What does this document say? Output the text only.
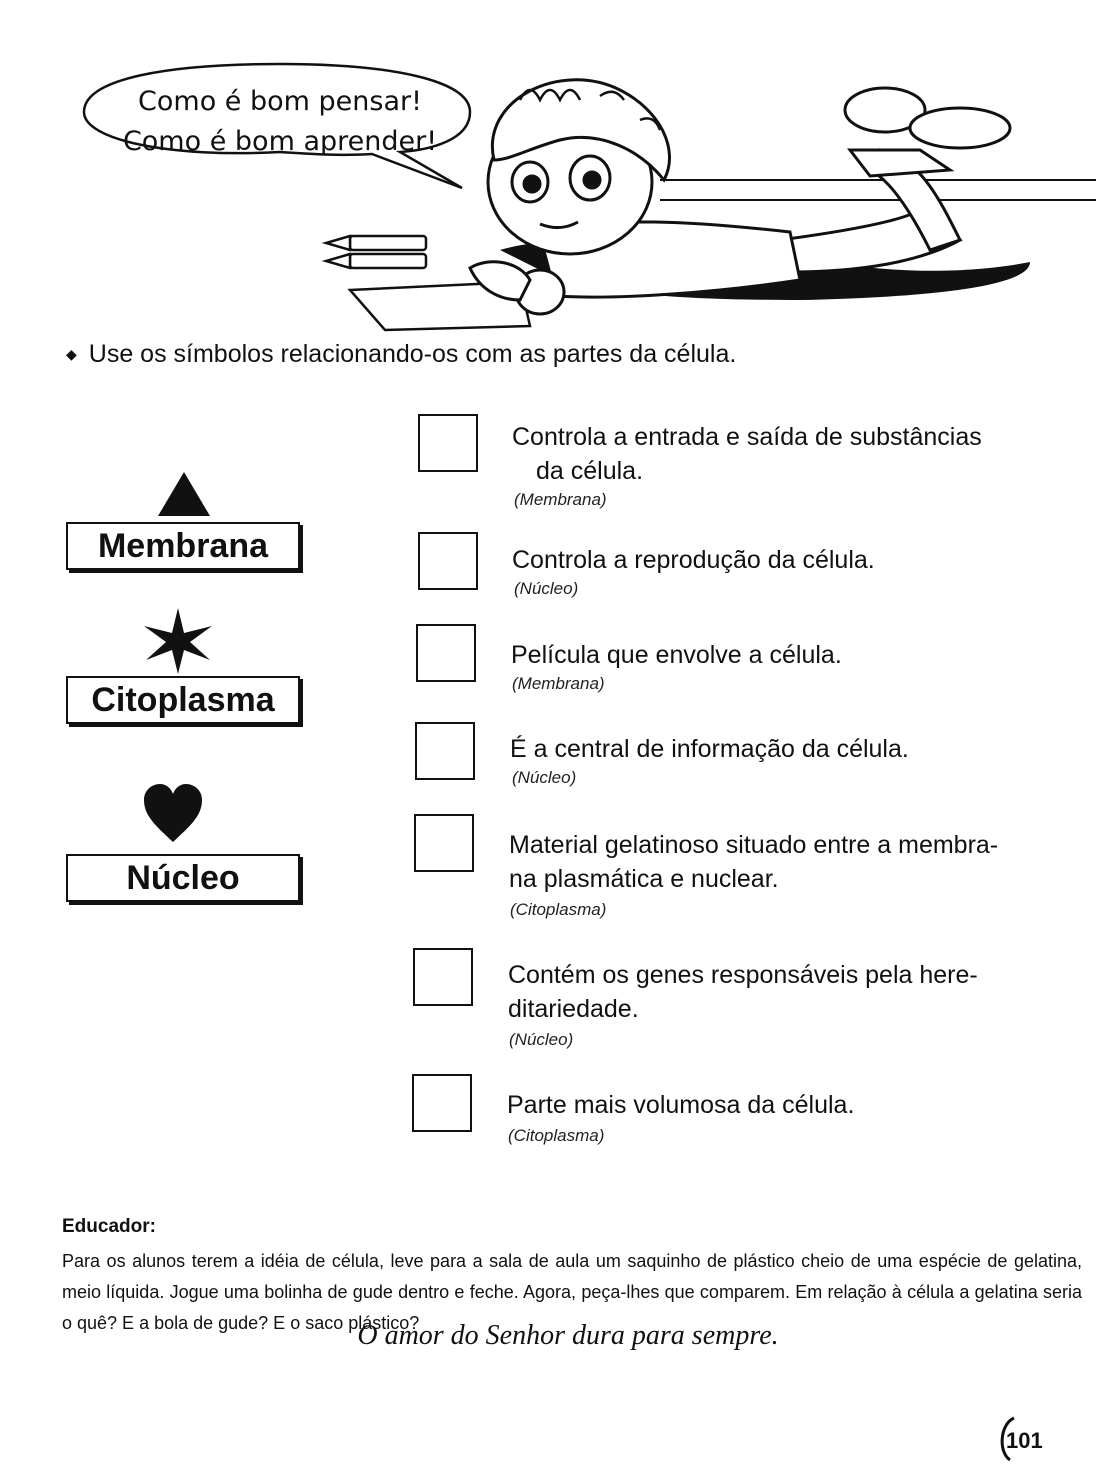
Como é bom pensar!
Como é bom aprender!
◆ Use os símbolos relacionando-os com as partes da célula.
Membrana
Citoplasma
Núcleo
Controla a entrada e saída de substâncias
da célula.
(Membrana)
Controla a reprodução da célula.
(Núcleo)
Película que envolve a célula.
(Membrana)
É a central de informação da célula.
(Núcleo)
Material gelatinoso situado entre a membra-
na plasmática e nuclear.
(Citoplasma)
Contém os genes responsáveis pela here-
ditariedade.
(Núcleo)
Parte mais volumosa da célula.
(Citoplasma)
Educador:
Para os alunos terem a idéia de célula, leve para a sala de aula um saquinho de plástico cheio de uma espécie de gelatina, meio líquida. Jogue uma bolinha de gude dentro e feche. Agora, peça-lhes que comparem. Em relação à célula a gelatina seria o quê? E a bola de gude? E o saco plástico?
O amor do Senhor dura para sempre.
101
